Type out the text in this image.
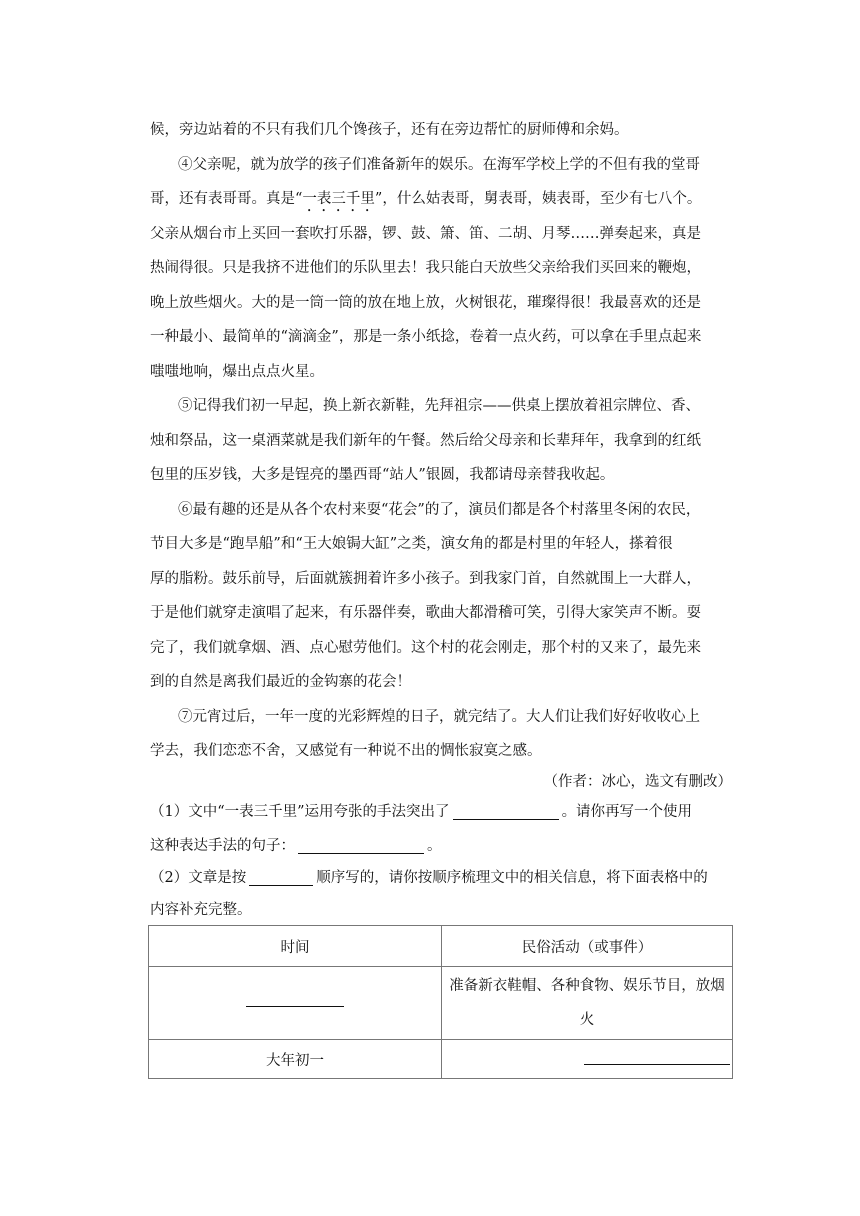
候，旁边站着的不只有我们几个馋孩子，还有在旁边帮忙的厨师傅和余妈。
④父亲呢，就为放学的孩子们准备新年的娱乐。在海军学校上学的不但有我的堂哥
哥，还有表哥哥。真是“一表三千里”，什么姑表哥，舅表哥，姨表哥，至少有七八个。
父亲从烟台市上买回一套吹打乐器，锣、鼓、箫、笛、二胡、月琴……弹奏起来，真是
热闹得很。只是我挤不进他们的乐队里去！我只能白天放些父亲给我们买回来的鞭炮，
晚上放些烟火。大的是一筒一筒的放在地上放，火树银花，璀璨得很！我最喜欢的还是
一种最小、最简单的“滴滴金”，那是一条小纸捻，卷着一点火药，可以拿在手里点起来
嗤嗤地响，爆出点点火星。
⑤记得我们初一早起，换上新衣新鞋，先拜祖宗——供桌上摆放着祖宗牌位、香、
烛和祭品，这一桌酒菜就是我们新年的午餐。然后给父母亲和长辈拜年，我拿到的红纸
包里的压岁钱，大多是锃亮的墨西哥“站人”银圆，我都请母亲替我收起。
⑥最有趣的还是从各个农村来耍“花会”的了，演员们都是各个村落里冬闲的农民，
节目大多是“跑旱船”和“王大娘锔大缸”之类，演女角的都是村里的年轻人，搽着很
厚的脂粉。鼓乐前导，后面就簇拥着许多小孩子。到我家门首，自然就围上一大群人，
于是他们就穿走演唱了起来，有乐器伴奏，歌曲大都滑稽可笑，引得大家笑声不断。耍
完了，我们就拿烟、酒、点心慰劳他们。这个村的花会刚走，那个村的又来了，最先来
到的自然是离我们最近的金钩寨的花会！
⑦元宵过后，一年一度的光彩辉煌的日子，就完结了。大人们让我们好好收收心上
学去，我们恋恋不舍，又感觉有一种说不出的惆怅寂寞之感。
（作者：冰心，选文有删改）
（1）文中“一表三千里”运用夸张的手法突出了	。请你再写一个使用
这种表达手法的句子：	。
（2）文章是按	顺序写的，请你按顺序梳理文中的相关信息，将下面表格中的
内容补充完整。
时间	民俗活动（或事件）
	准备新衣鞋帽、各种食物、娱乐节目，放烟火
大年初一	
